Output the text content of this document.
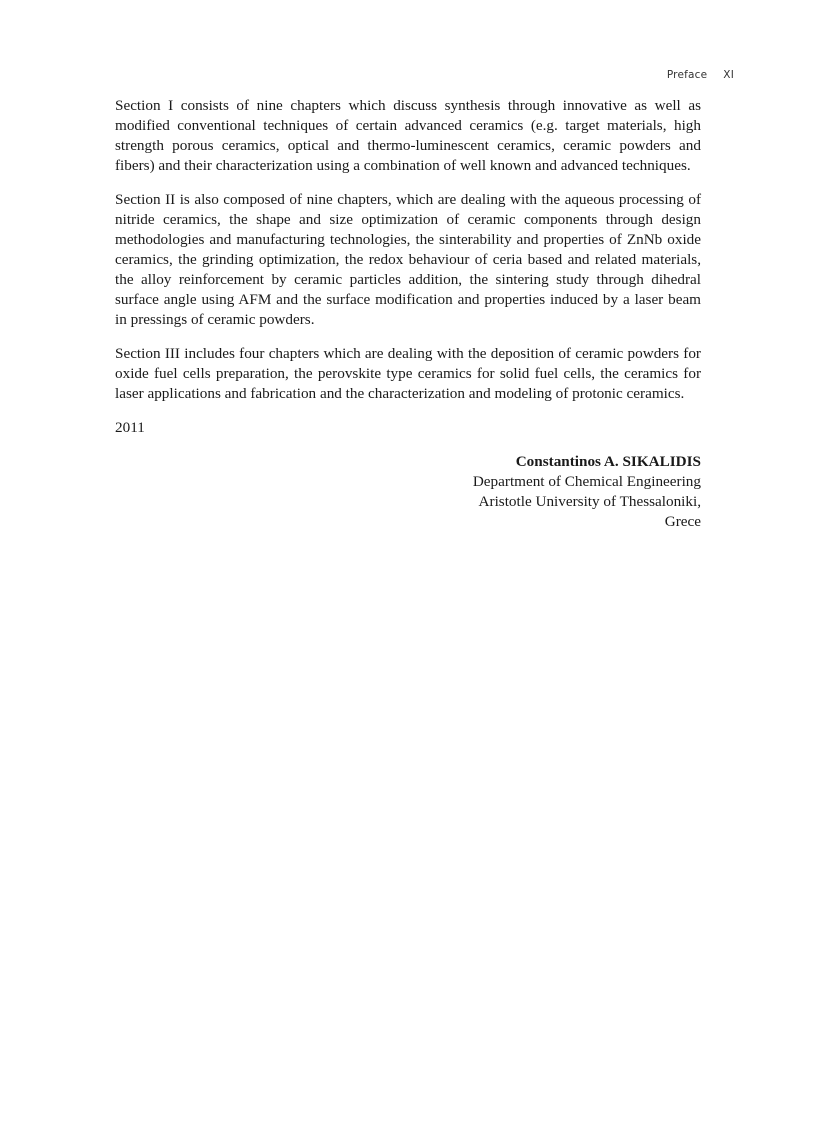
Preface XI

Section I consists of nine chapters which discuss synthesis through innovative as well as modified conventional techniques of certain advanced ceramics (e.g. target materials, high strength porous ceramics, optical and thermo-luminescent ceramics, ceramic powders and fibers) and their characterization using a combination of well known and advanced techniques.

Section II is also composed of nine chapters, which are dealing with the aqueous processing of nitride ceramics, the shape and size optimization of ceramic components through design methodologies and manufacturing technologies, the sinterability and properties of ZnNb oxide ceramics, the grinding optimization, the redox behaviour of ceria based and related materials, the alloy reinforcement by ceramic particles addition, the sintering study through dihedral surface angle using AFM and the surface modification and properties induced by a laser beam in pressings of ceramic powders.

Section III includes four chapters which are dealing with the deposition of ceramic powders for oxide fuel cells preparation, the perovskite type ceramics for solid fuel cells, the ceramics for laser applications and fabrication and the characterization and modeling of protonic ceramics.

2011
Constantinos A. SIKALIDIS
Department of Chemical Engineering
Aristotle University of Thessaloniki,
Grece
